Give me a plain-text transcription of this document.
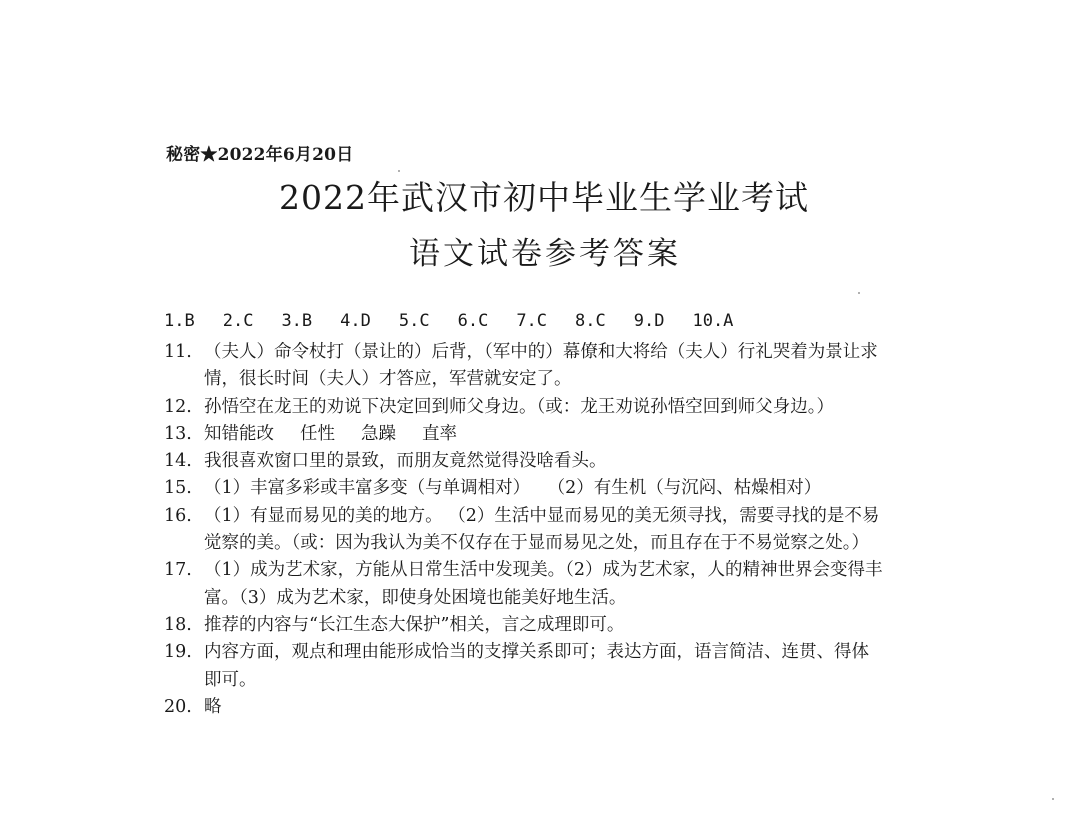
秘密★2022年6月20日
2022年武汉市初中毕业生学业考试
语文试卷参考答案
1.B 2.C 3.B 4.D 5.C 6.C 7.C 8.C 9.D 10.A
11. （夫人）命令杖打（景让的）后背，（军中的）幕僚和大将给（夫人）行礼哭着为景让求
情，很长时间（夫人）才答应，军营就安定了。
12. 孙悟空在龙王的劝说下决定回到师父身边。（或：龙王劝说孙悟空回到师父身边。）
13. 知错能改 任性 急躁 直率
14. 我很喜欢窗口里的景致，而朋友竟然觉得没啥看头。
15. （1）丰富多彩或丰富多变（与单调相对）　　（2）有生机（与沉闷、枯燥相对）
16. （1）有显而易见的美的地方。 （2）生活中显而易见的美无须寻找，需要寻找的是不易
觉察的美。（或：因为我认为美不仅存在于显而易见之处，而且存在于不易觉察之处。）
17. （1）成为艺术家，方能从日常生活中发现美。（2）成为艺术家，人的精神世界会变得丰
富。（3）成为艺术家，即使身处困境也能美好地生活。
18. 推荐的内容与“长江生态大保护”相关，言之成理即可。
19. 内容方面，观点和理由能形成恰当的支撑关系即可；表达方面，语言简洁、连贯、得体
即可。
20. 略
